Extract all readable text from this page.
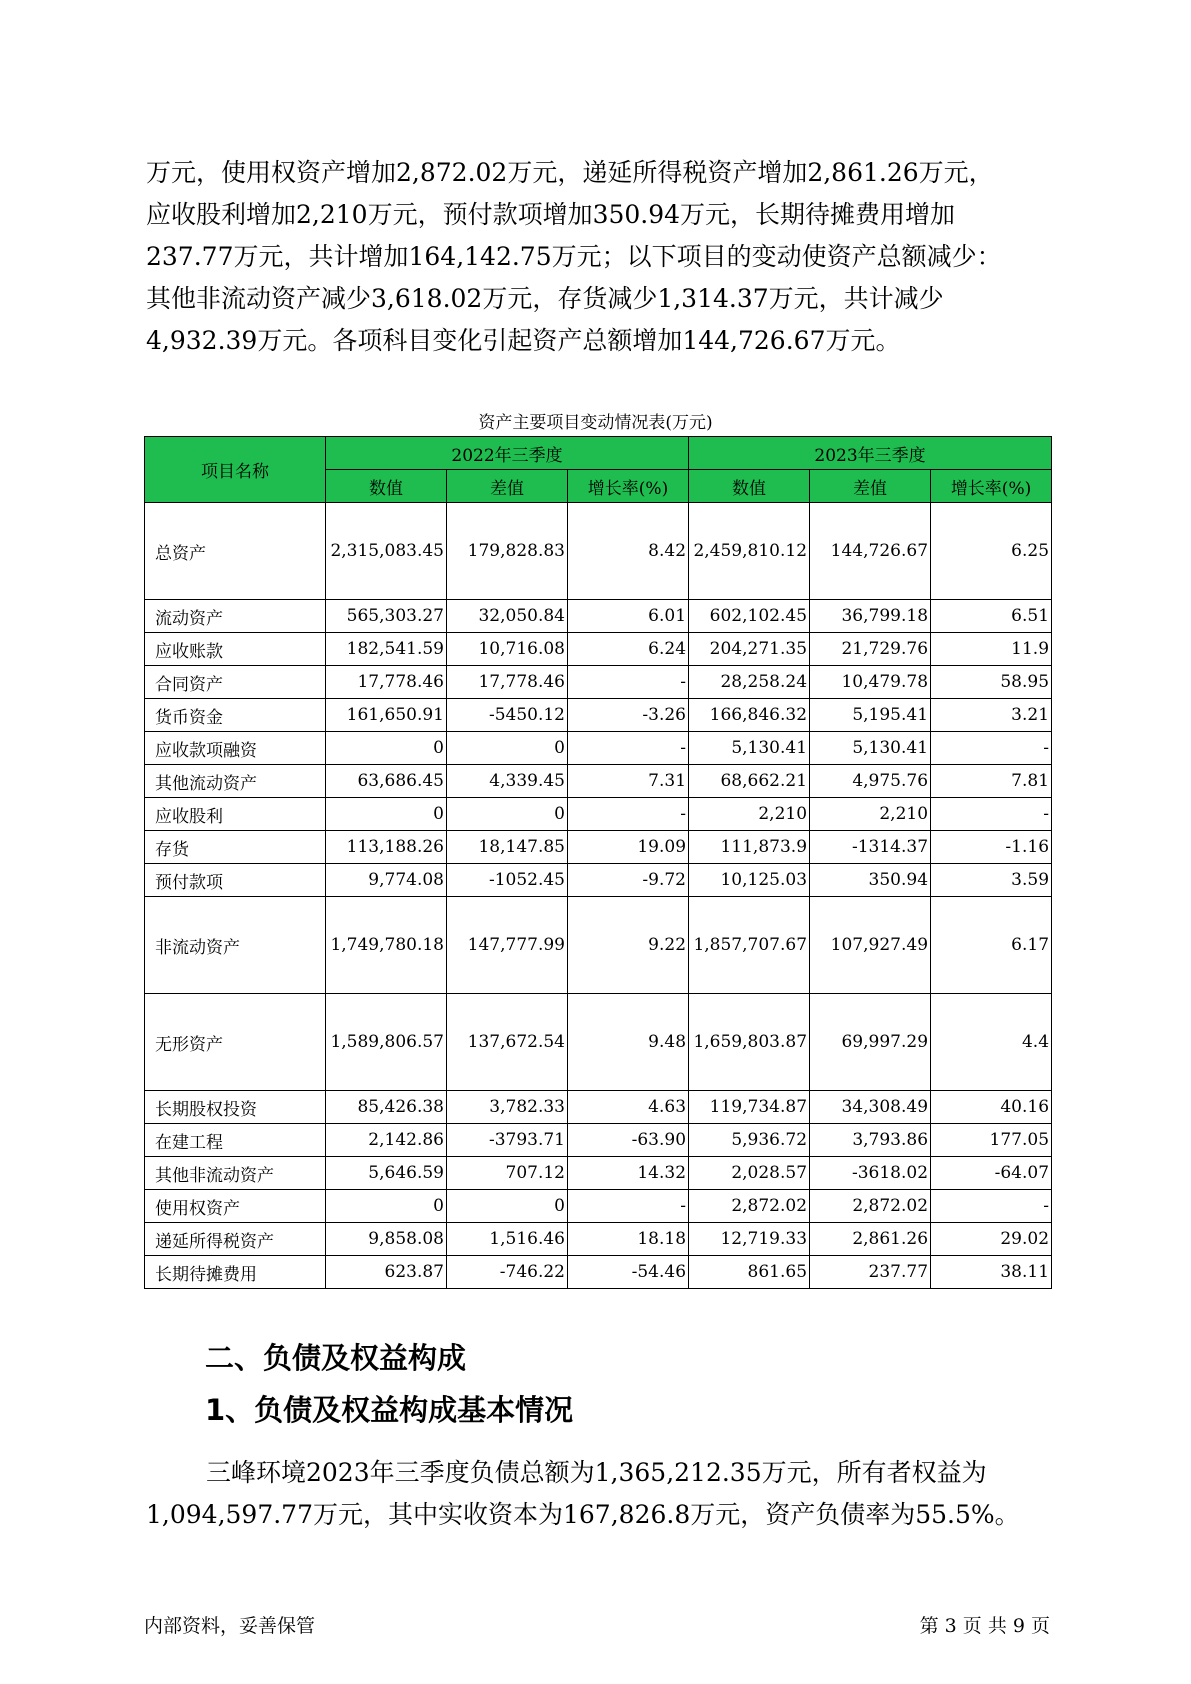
万元，使用权资产增加2,872.02万元，递延所得税资产增加2,861.26万元，
应收股利增加2,210万元，预付款项增加350.94万元，长期待摊费用增加
237.77万元，共计增加164,142.75万元；以下项目的变动使资产总额减少：
其他非流动资产减少3,618.02万元，存货减少1,314.37万元，共计减少
4,932.39万元。各项科目变化引起资产总额增加144,726.67万元。
资产主要项目变动情况表(万元)
项目名称	2022年三季度			2023年三季度		
	数值	差值	增长率(%)	数值	差值	增长率(%)
总资产	2,315,083.45	179,828.83	8.42	2,459,810.12	144,726.67	6.25
流动资产	565,303.27	32,050.84	6.01	602,102.45	36,799.18	6.51
应收账款	182,541.59	10,716.08	6.24	204,271.35	21,729.76	11.9
合同资产	17,778.46	17,778.46	-	28,258.24	10,479.78	58.95
货币资金	161,650.91	-5450.12	-3.26	166,846.32	5,195.41	3.21
应收款项融资	0	0	-	5,130.41	5,130.41	-
其他流动资产	63,686.45	4,339.45	7.31	68,662.21	4,975.76	7.81
应收股利	0	0	-	2,210	2,210	-
存货	113,188.26	18,147.85	19.09	111,873.9	-1314.37	-1.16
预付款项	9,774.08	-1052.45	-9.72	10,125.03	350.94	3.59
非流动资产	1,749,780.18	147,777.99	9.22	1,857,707.67	107,927.49	6.17
无形资产	1,589,806.57	137,672.54	9.48	1,659,803.87	69,997.29	4.4
长期股权投资	85,426.38	3,782.33	4.63	119,734.87	34,308.49	40.16
在建工程	2,142.86	-3793.71	-63.90	5,936.72	3,793.86	177.05
其他非流动资产	5,646.59	707.12	14.32	2,028.57	-3618.02	-64.07
使用权资产	0	0	-	2,872.02	2,872.02	-
递延所得税资产	9,858.08	1,516.46	18.18	12,719.33	2,861.26	29.02
长期待摊费用	623.87	-746.22	-54.46	861.65	237.77	38.11
二、负债及权益构成
1、负债及权益构成基本情况
三峰环境2023年三季度负债总额为1,365,212.35万元，所有者权益为
1,094,597.77万元，其中实收资本为167,826.8万元，资产负债率为55.5%。
内部资料，妥善保管	第 3 页 共 9 页
